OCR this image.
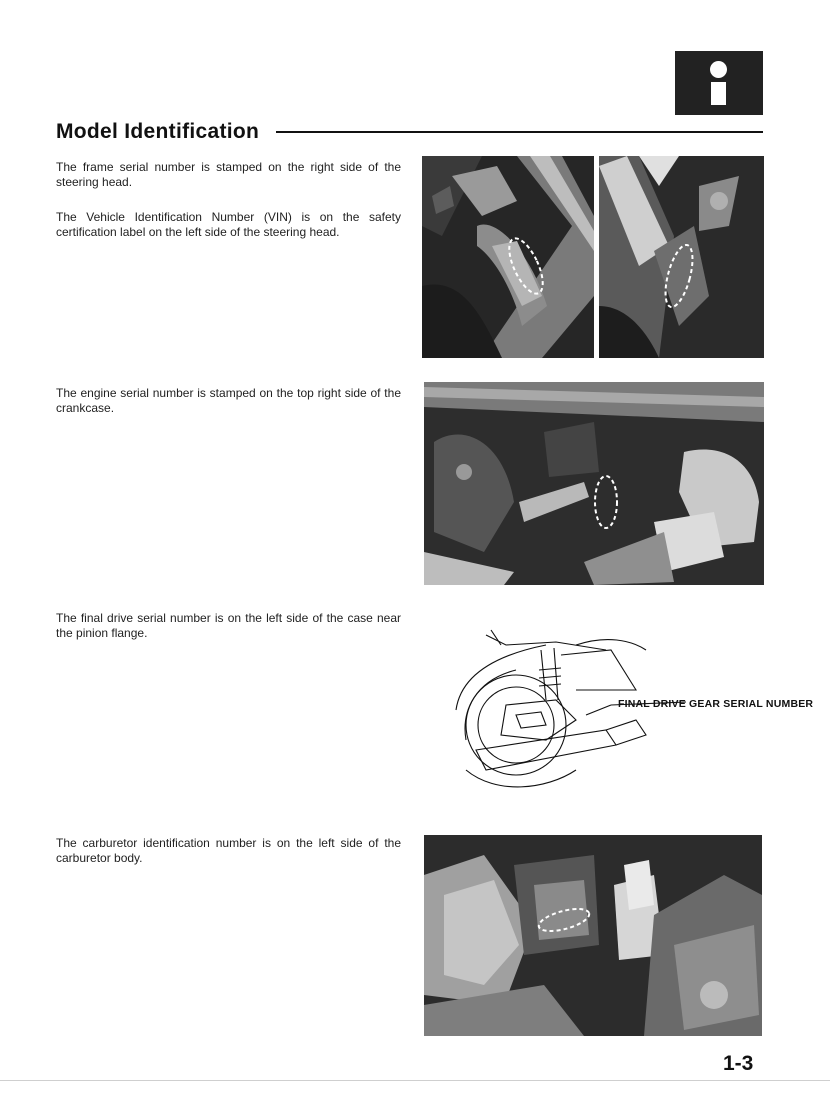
Model Identification
The frame serial number is stamped on the right side of the steering head.
The Vehicle Identification Number (VIN) is on the safety certification label on the left side of the steering head.
The engine serial number is stamped on the top right side of the crankcase.
The final drive serial number is on the left side of the case near the pinion flange.
The carburetor identification number is on the left side of the carburetor body.
FINAL DRIVE GEAR SERIAL NUMBER
1-3
